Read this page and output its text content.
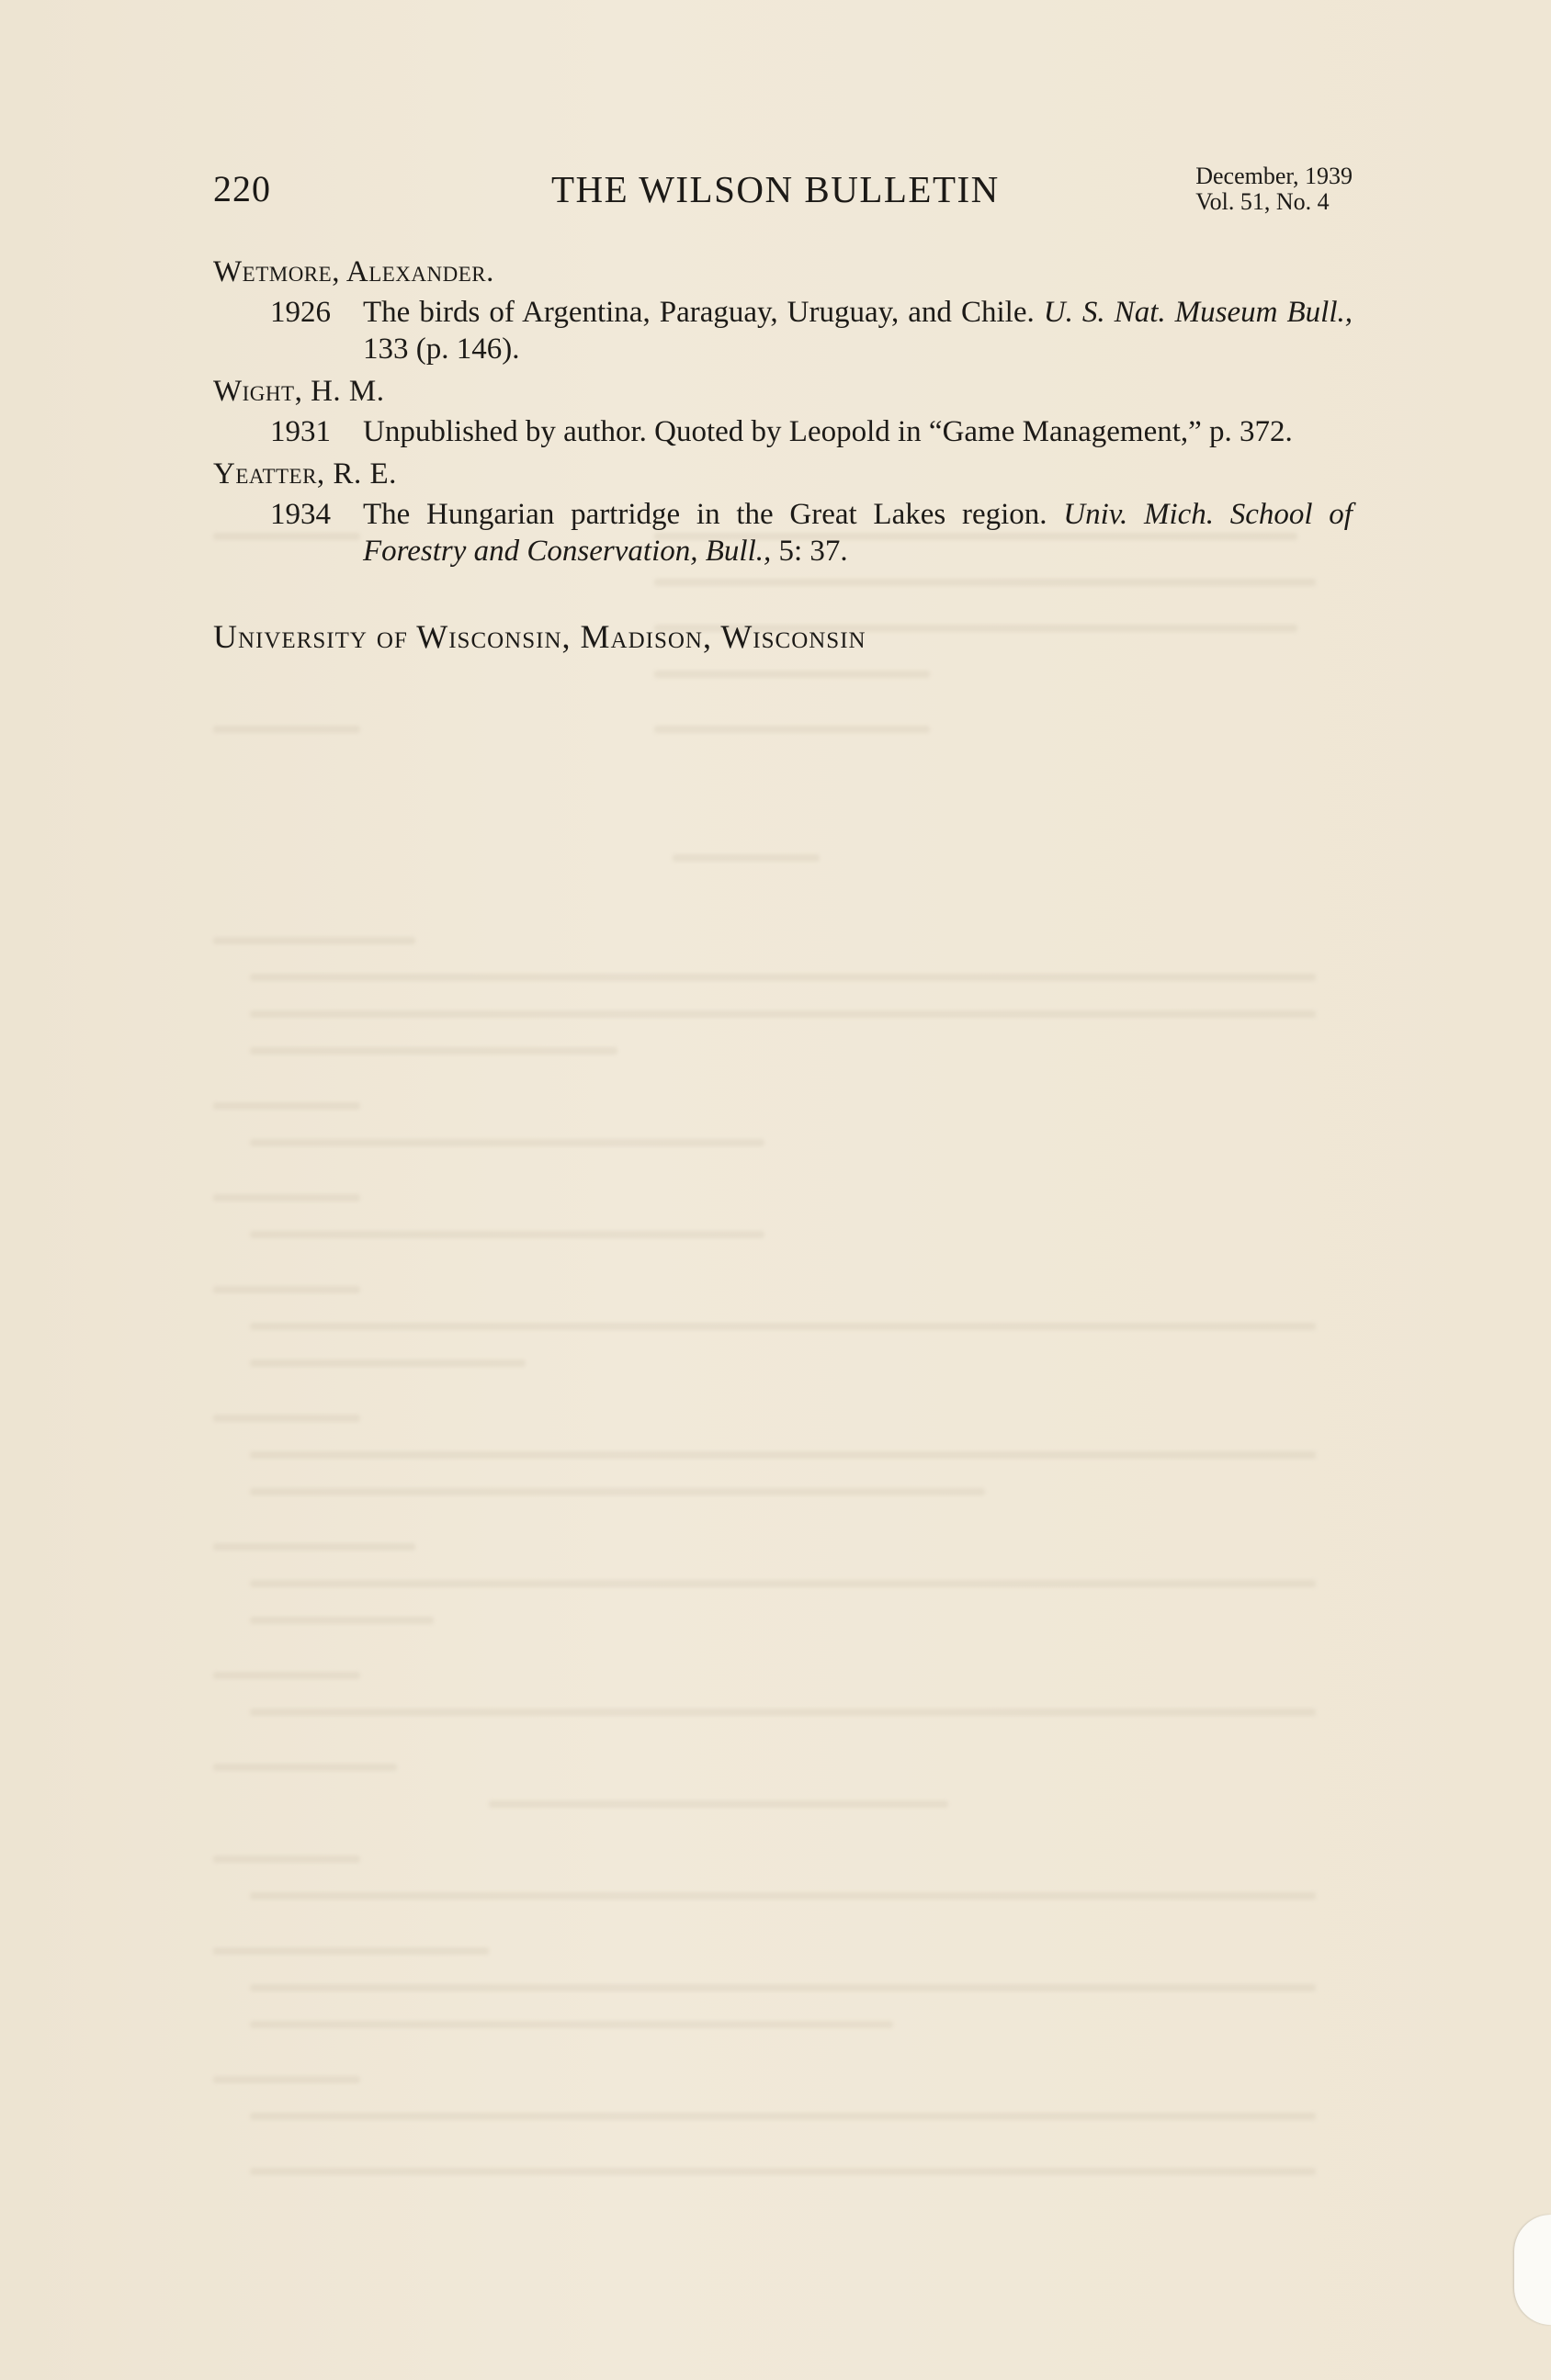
220	THE WILSON BULLETIN	December, 1939
Vol. 51, No. 4

Wetmore, Alexander.

1926 The birds of Argentina, Paraguay, Uruguay, and Chile. U. S. Nat. Museum Bull., 133 (p. 146).

Wight, H. M.

1931 Unpublished by author. Quoted by Leopold in “Game Management,” p. 372.

Yeatter, R. E.

1934 The Hungarian partridge in the Great Lakes region. Univ. Mich. School of Forestry and Conservation, Bull., 5: 37.
University of Wisconsin, Madison, Wisconsin
